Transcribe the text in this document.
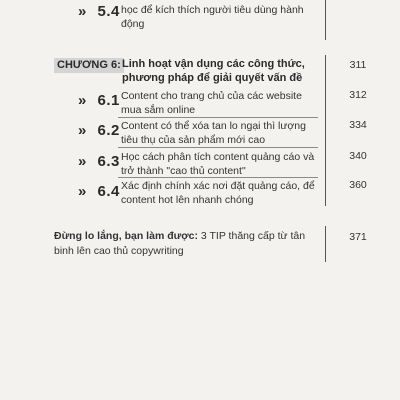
» 5.4 học để kích thích người tiêu dùng hành động
CHƯƠNG 6: Linh hoạt vận dụng các công thức, phương pháp để giải quyết vấn đề
311
» 6.1 Content cho trang chủ của các website mua sắm online
312
» 6.2 Content có thể xóa tan lo ngại thì lượng tiêu thụ của sản phẩm mới cao
334
» 6.3 Học cách phân tích content quảng cáo và trở thành "cao thủ content"
340
» 6.4 Xác định chính xác nơi đặt quảng cáo, để content hot lên nhanh chóng
360
Đừng lo lắng, bạn làm được: 3 TIP thăng cấp từ tân binh lên cao thủ copywriting
371
